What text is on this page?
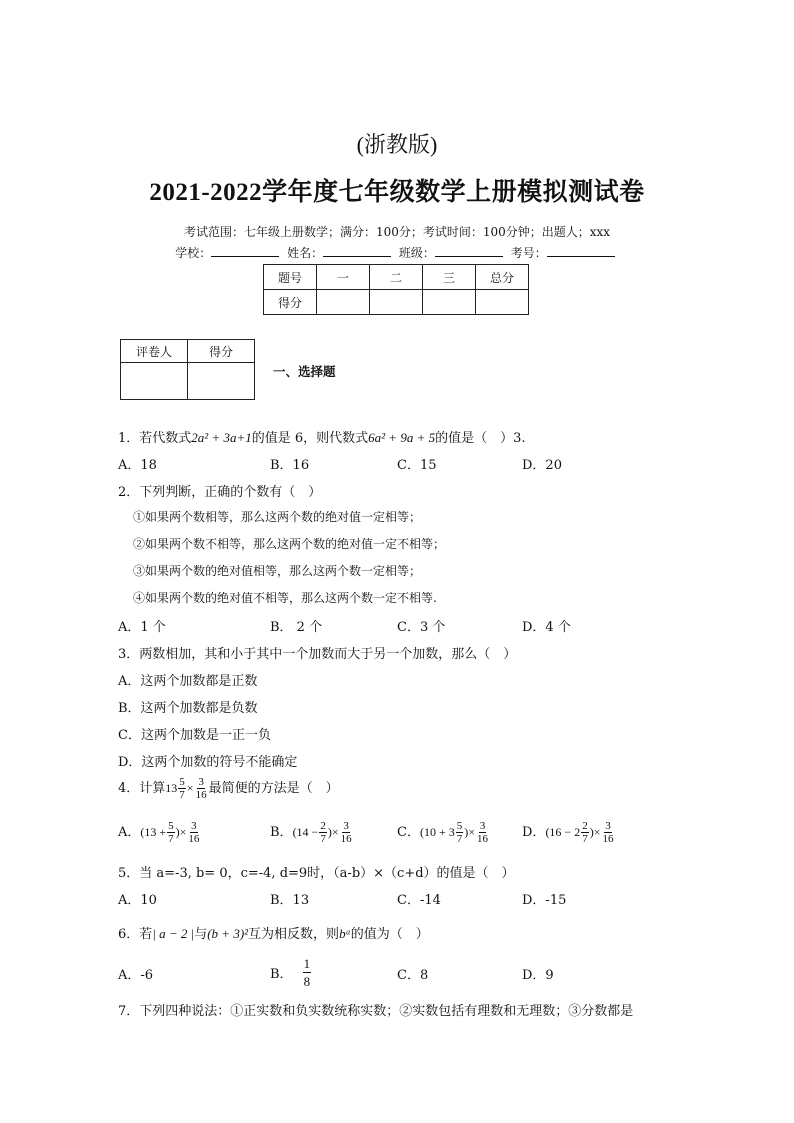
(浙教版)
2021-2022学年度七年级数学上册模拟测试卷
考试范围：七年级上册数学；满分：100分；考试时间：100分钟；出题人；xxx
学校：	姓名：	班级：	考号：
题号	一	二	三	总分
得分				
评卷人	得分

一、选择题
1．若代数式2a² + 3a+1的值是 6，则代数式6a² + 9a + 5的值是（　）3.
A．18	B．16	C．15	D．20
2．下列判断，正确的个数有（　）
①如果两个数相等，那么这两个数的绝对值一定相等；
②如果两个数不相等，那么这两个数的绝对值一定不相等；
③如果两个数的绝对值相等，那么这两个数一定相等；
④如果两个数的绝对值不相等，那么这两个数一定不相等.
A．1 个	B． 2 个	C．3 个	D．4 个
3．两数相加，其和小于其中一个加数而大于另一个加数，那么（　）
A．这两个加数都是正数
B．这两个加数都是负数
C．这两个加数是一正一负
D．这两个加数的符号不能确定
4．计算$13 \frac{5}{7} \times \frac{3}{16}$ 最简便的方法是（　）
A．($13 + \frac{5}{7}$ )× $\frac{3}{16}$	B．($14 - \frac{2}{7}$ )× $\frac{3}{16}$	C．($10 + 3 \frac{5}{7}$ )× $\frac{3}{16}$	D．($16 - 2 \frac{2}{7}$ )× $\frac{3}{16}$
5．当 a=-3, b= 0，c=-4, d=9时，（a-b）×（c+d）的值是（　）
A．10	B．13	C．-14	D．-15
6．若| a − 2 |与(b + 3)²互为相反数，则bᵃ的值为（　）
A．-6	B． $\frac{1}{8}$	C．8	D．9
7．下列四种说法：①正实数和负实数统称实数；②实数包括有理数和无理数；③分数都是
